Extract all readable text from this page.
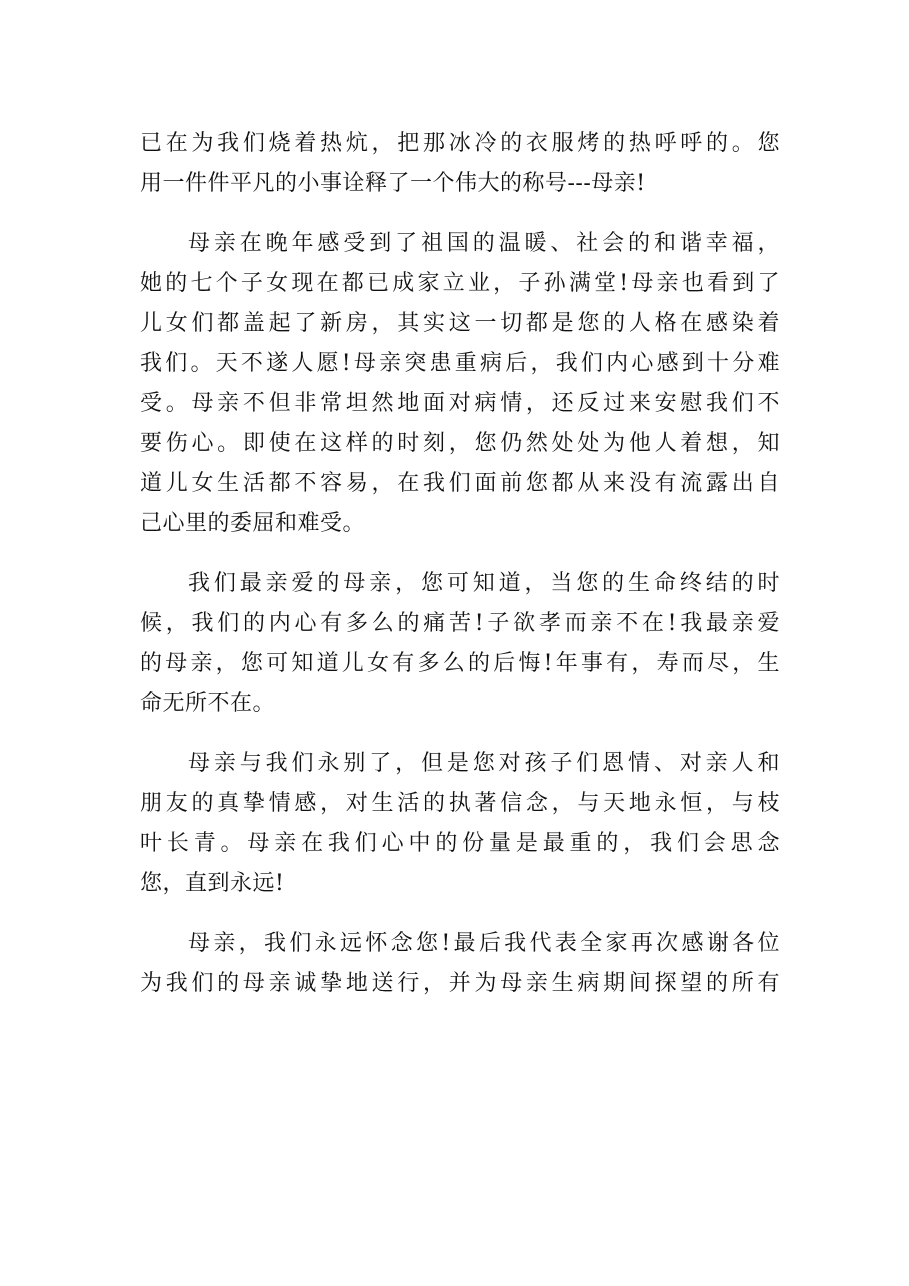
已在为我们烧着热炕，把那冰冷的衣服烤的热呼呼的。您
用一件件平凡的小事诠释了一个伟大的称号---母亲!
母亲在晚年感受到了祖国的温暖、社会的和谐幸福，
她的七个子女现在都已成家立业，子孙满堂!母亲也看到了
儿女们都盖起了新房，其实这一切都是您的人格在感染着
我们。天不遂人愿!母亲突患重病后，我们内心感到十分难
受。母亲不但非常坦然地面对病情，还反过来安慰我们不
要伤心。即使在这样的时刻，您仍然处处为他人着想，知
道儿女生活都不容易，在我们面前您都从来没有流露出自
己心里的委屈和难受。
我们最亲爱的母亲，您可知道，当您的生命终结的时
候，我们的内心有多么的痛苦!子欲孝而亲不在!我最亲爱
的母亲，您可知道儿女有多么的后悔!年事有，寿而尽，生
命无所不在。
母亲与我们永别了，但是您对孩子们恩情、对亲人和
朋友的真挚情感，对生活的执著信念，与天地永恒，与枝
叶长青。母亲在我们心中的份量是最重的，我们会思念
您，直到永远!
母亲，我们永远怀念您!最后我代表全家再次感谢各位
为我们的母亲诚挚地送行，并为母亲生病期间探望的所有
